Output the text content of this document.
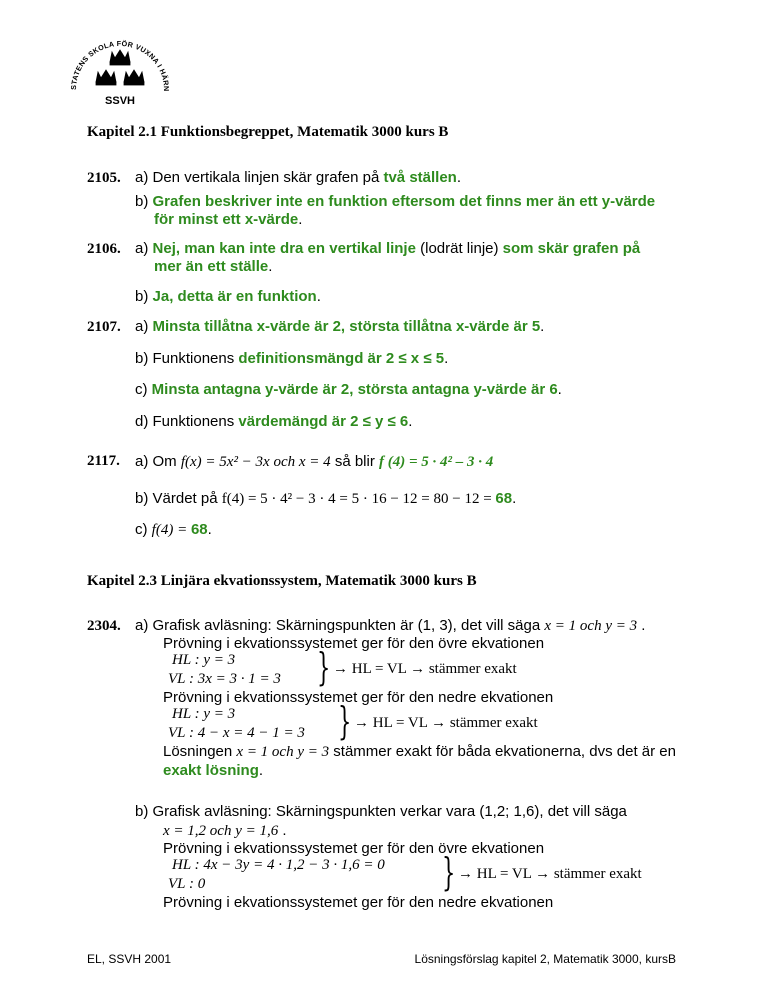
STATENS SKOLA FÖR VUXNA I HÄRN
SSVH
Kapitel 2.1 Funktionsbegreppet, Matematik 3000 kurs B
2105. a) Den vertikala linjen skär grafen på två ställen.
b) Grafen beskriver inte en funktion eftersom det finns mer än ett y-värde
för minst ett x-värde.
2106. a) Nej, man kan inte dra en vertikal linje (lodrät linje) som skär grafen på
mer än ett ställe.
b) Ja, detta är en funktion.
2107. a) Minsta tillåtna x-värde är 2, största tillåtna x-värde är 5.
b) Funktionens definitionsmängd är 2 ≤ x ≤ 5.
c) Minsta antagna y-värde är 2, största antagna y-värde är 6.
d) Funktionens värdemängd är 2 ≤ y ≤ 6.
2117. a) Om f(x) = 5x² − 3x och x = 4 så blir f (4) = 5 · 4² – 3 · 4
b) Värdet på f(4) = 5 · 4² − 3 · 4 = 5 · 16 − 12 = 80 − 12 = 68.
c) f(4) = 68.
Kapitel 2.3 Linjära ekvationssystem, Matematik 3000 kurs B
2304. a) Grafisk avläsning: Skärningspunkten är (1, 3), det vill säga x = 1 och y = 3 .
Prövning i ekvationssystemet ger för den övre ekvationen
HL : y = 3
VL : 3x = 3 · 1 = 3 } → HL = VL → stämmer exakt
Prövning i ekvationssystemet ger för den nedre ekvationen
HL : y = 3
VL : 4 − x = 4 − 1 = 3 } → HL = VL → stämmer exakt
Lösningen x = 1 och y = 3 stämmer exakt för båda ekvationerna, dvs det är en
exakt lösning.
b) Grafisk avläsning: Skärningspunkten verkar vara (1,2; 1,6), det vill säga
x = 1,2 och y = 1,6 .
Prövning i ekvationssystemet ger för den övre ekvationen
HL : 4x − 3y = 4 · 1,2 − 3 · 1,6 = 0
VL : 0	} → HL = VL → stämmer exakt
Prövning i ekvationssystemet ger för den nedre ekvationen
EL, SSVH 2001	Lösningsförslag kapitel 2, Matematik 3000, kursB
